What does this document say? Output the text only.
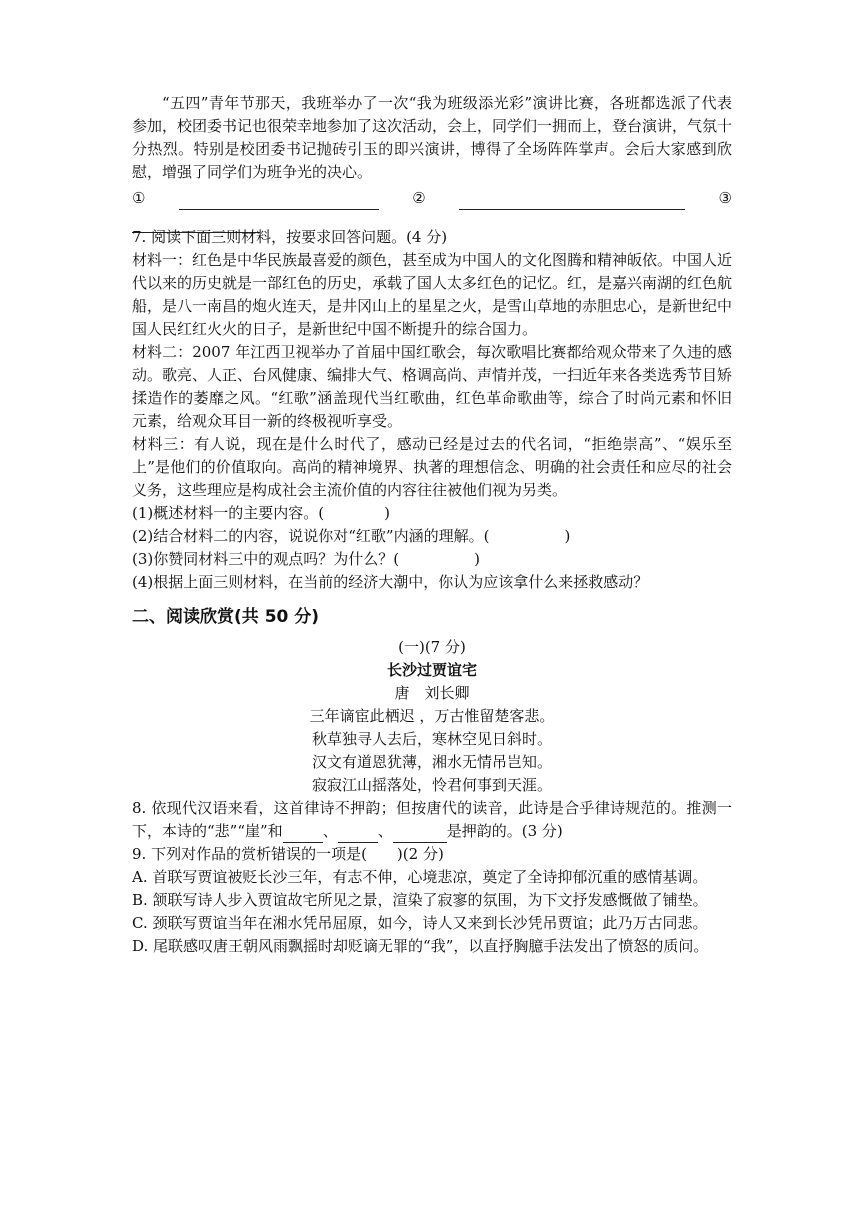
“五四”青年节那天，我班举办了一次“我为班级添光彩”演讲比赛，各班都选派了代表参加，校团委书记也很荣幸地参加了这次活动，会上，同学们一拥而上，登台演讲，气氛十分热烈。特别是校团委书记抛砖引玉的即兴演讲，博得了全场阵阵掌声。会后大家感到欣慰，增强了同学们为班争光的决心。

①	②	③

7. 阅读下面三则材料，按要求回答问题。(4 分)

材料一：红色是中华民族最喜爱的颜色，甚至成为中国人的文化图腾和精神皈依。中国人近代以来的历史就是一部红色的历史，承载了国人太多红色的记忆。红，是嘉兴南湖的红色航船，是八一南昌的炮火连天，是井冈山上的星星之火，是雪山草地的赤胆忠心，是新世纪中国人民红红火火的日子，是新世纪中国不断提升的综合国力。

材料二：2007 年江西卫视举办了首届中国红歌会，每次歌唱比赛都给观众带来了久违的感动。歌亮、人正、台风健康、编排大气、格调高尚、声情并茂，一扫近年来各类选秀节目矫揉造作的萎靡之风。“红歌”涵盖现代当红歌曲，红色革命歌曲等，综合了时尚元素和怀旧元素，给观众耳目一新的终极视听享受。

材料三：有人说，现在是什么时代了，感动已经是过去的代名词，“拒绝崇高”、“娱乐至上”是他们的价值取向。高尚的精神境界、执著的理想信念、明确的社会责任和应尽的社会义务，这些理应是构成社会主流价值的内容往往被他们视为另类。

(1)概述材料一的主要内容。(　　　　)

(2)结合材料二的内容，说说你对“红歌”内涵的理解。(　　　　　)

(3)你赞同材料三中的观点吗？为什么？(　　　　　)

(4)根据上面三则材料，在当前的经济大潮中，你认为应该拿什么来拯救感动？

二、阅读欣赏(共 50 分)

(一)(7 分)

长沙过贾谊宅

唐　刘长卿

三年谪宦此栖迟 ，万古惟留楚客悲。

秋草独寻人去后，寒林空见日斜时。

汉文有道恩犹薄，湘水无情吊岂知。

寂寂江山摇落处，怜君何事到天涯。

8. 依现代汉语来看，这首律诗不押韵；但按唐代的读音，此诗是合乎律诗规范的。推测一下，本诗的“悲”“崖”和	、	、	是押韵的。(3 分)

9. 下列对作品的赏析错误的一项是(　　)(2 分)

A. 首联写贾谊被贬长沙三年，有志不伸，心境悲凉，奠定了全诗抑郁沉重的感情基调。

B. 颔联写诗人步入贾谊故宅所见之景，渲染了寂寥的氛围，为下文抒发感慨做了铺垫。

C. 颈联写贾谊当年在湘水凭吊屈原，如今，诗人又来到长沙凭吊贾谊；此乃万古同悲。

D. 尾联感叹唐王朝风雨飘摇时却贬谪无罪的“我”，以直抒胸臆手法发出了愤怒的质问。
